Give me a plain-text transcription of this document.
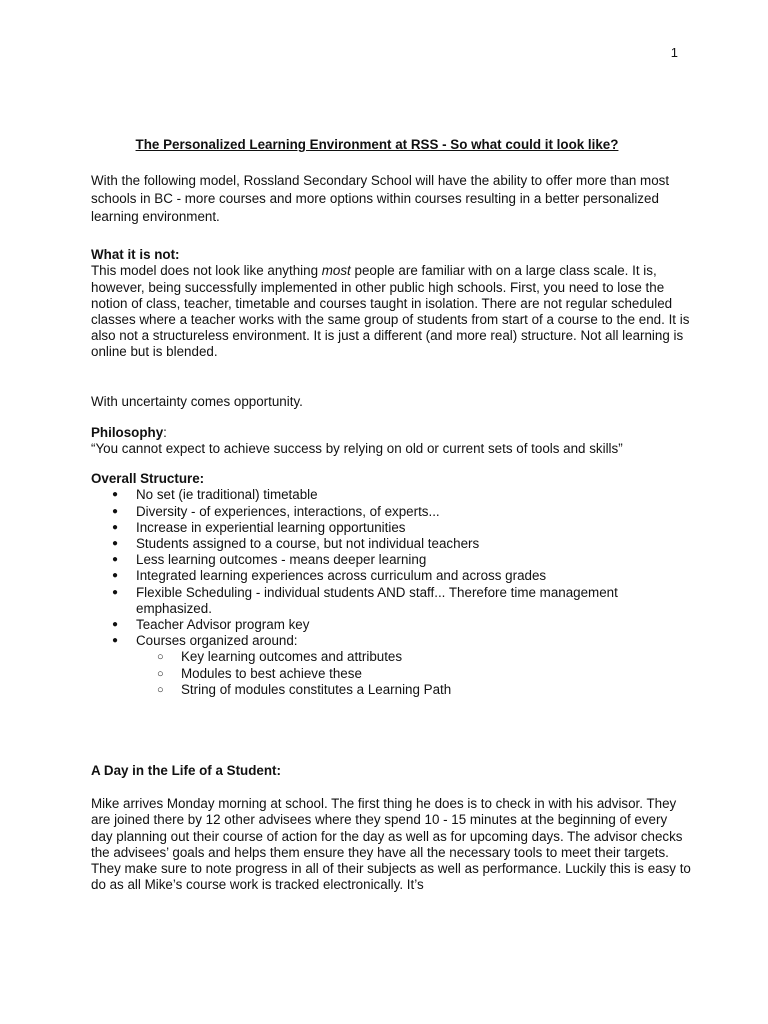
1

The Personalized Learning Environment at RSS - So what could it look like?

With the following model, Rossland Secondary School will have the ability to offer more than most schools in BC - more courses and more options within courses resulting in a better personalized learning environment.

What it is not:

This model does not look like anything most people are familiar with on a large class scale. It is, however, being successfully implemented in other public high schools. First, you need to lose the notion of class, teacher, timetable and courses taught in isolation. There are not regular scheduled classes where a teacher works with the same group of students from start of a course to the end. It is also not a structureless environment. It is just a different (and more real) structure. Not all learning is online but is blended.

With uncertainty comes opportunity.

Philosophy:

“You cannot expect to achieve success by relying on old or current sets of tools and skills”

Overall Structure:

● No set (ie traditional) timetable
● Diversity - of experiences, interactions, of experts...
● Increase in experiential learning opportunities
● Students assigned to a course, but not individual teachers
● Less learning outcomes - means deeper learning
● Integrated learning experiences across curriculum and across grades
● Flexible Scheduling - individual students AND staff... Therefore time management emphasized.
● Teacher Advisor program key
● Courses organized around:
○ Key learning outcomes and attributes
○ Modules to best achieve these
○ String of modules constitutes a Learning Path

A Day in the Life of a Student:

Mike arrives Monday morning at school. The first thing he does is to check in with his advisor. They are joined there by 12 other advisees where they spend 10 - 15 minutes at the beginning of every day planning out their course of action for the day as well as for upcoming days. The advisor checks the advisees’ goals and helps them ensure they have all the necessary tools to meet their targets. They make sure to note progress in all of their subjects as well as performance. Luckily this is easy to do as all Mike’s course work is tracked electronically. It’s
